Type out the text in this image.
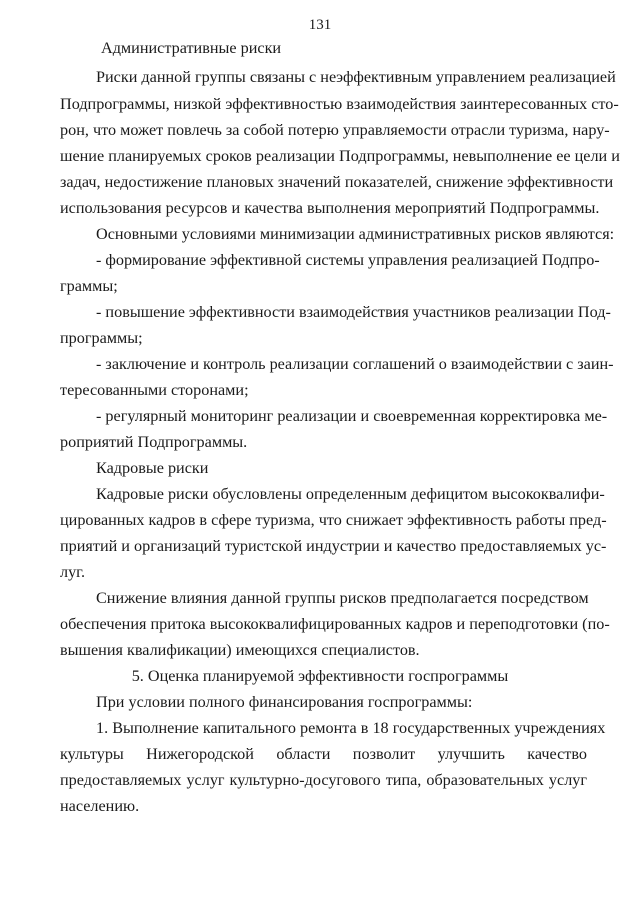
131
Административные риски
Риски данной группы связаны с неэффективным управлением реализацией
Подпрограммы, низкой эффективностью взаимодействия заинтересованных сто-
рон, что может повлечь за собой потерю управляемости отрасли туризма, нару-
шение планируемых сроков реализации Подпрограммы, невыполнение ее цели и
задач, недостижение плановых значений показателей, снижение эффективности
использования ресурсов и качества выполнения мероприятий Подпрограммы.
Основными условиями минимизации административных рисков являются:
- формирование эффективной системы управления реализацией Подпро-
граммы;
- повышение эффективности взаимодействия участников реализации Под-
программы;
- заключение и контроль реализации соглашений о взаимодействии с заин-
тересованными сторонами;
- регулярный мониторинг реализации и своевременная корректировка ме-
роприятий Подпрограммы.
Кадровые риски
Кадровые риски обусловлены определенным дефицитом высококвалифи-
цированных кадров в сфере туризма, что снижает эффективность работы пред-
приятий и организаций туристской индустрии и качество предоставляемых ус-
луг.
Снижение влияния данной группы рисков предполагается посредством
обеспечения притока высококвалифицированных кадров и переподготовки (по-
вышения квалификации) имеющихся специалистов.
5. Оценка планируемой эффективности госпрограммы
При условии полного финансирования госпрограммы:
1. Выполнение капитального ремонта в 18 государственных учреждениях
культуры Нижегородской области позволит улучшить качество
предоставляемых услуг культурно-досугового типа, образовательных услуг
населению.
